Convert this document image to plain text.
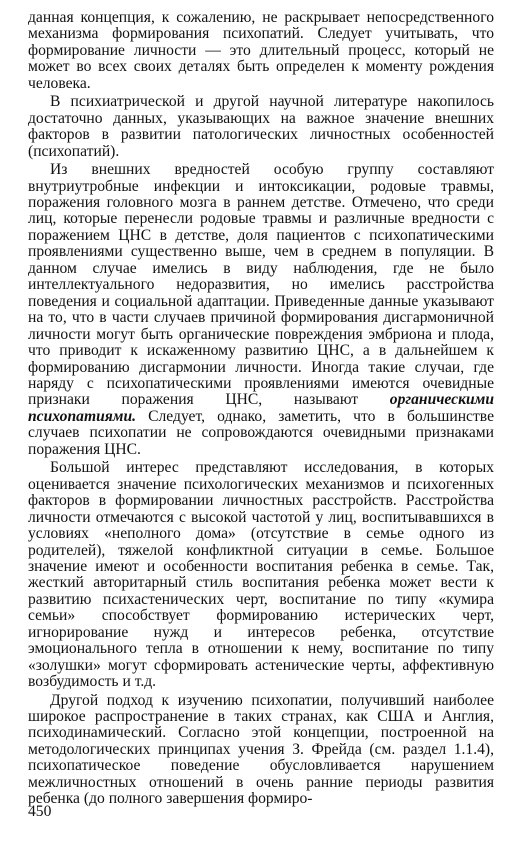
данная концепция, к сожалению, не раскрывает непосредственного механизма формирования психопатий. Следует учитывать, что формирование личности — это длительный процесс, который не может во всех своих деталях быть определен к моменту рождения человека.

В психиатрической и другой научной литературе накопилось достаточно данных, указывающих на важное значение внешних факторов в развитии патологических личностных особенностей (психопатий).

Из внешних вредностей особую группу составляют внутриутробные инфекции и интоксикации, родовые травмы, поражения головного мозга в раннем детстве. Отмечено, что среди лиц, которые перенесли родовые травмы и различные вредности с поражением ЦНС в детстве, доля пациентов с психопатическими проявлениями существенно выше, чем в среднем в популяции. В данном случае имелись в виду наблюдения, где не было интеллектуального недоразвития, но имелись расстройства поведения и социальной адаптации. Приведенные данные указывают на то, что в части случаев причиной формирования дисгармоничной личности могут быть органические повреждения эмбриона и плода, что приводит к искаженному развитию ЦНС, а в дальнейшем к формированию дисгармонии личности. Иногда такие случаи, где наряду с психопатическими проявлениями имеются очевидные признаки поражения ЦНС, называют органическими психопатиями. Следует, однако, заметить, что в большинстве случаев психопатии не сопровождаются очевидными признаками поражения ЦНС.

Большой интерес представляют исследования, в которых оценивается значение психологических механизмов и психогенных факторов в формировании личностных расстройств. Расстройства личности отмечаются с высокой частотой у лиц, воспитывавшихся в условиях «неполного дома» (отсутствие в семье одного из родителей), тяжелой конфликтной ситуации в семье. Большое значение имеют и особенности воспитания ребенка в семье. Так, жесткий авторитарный стиль воспитания ребенка может вести к развитию психастенических черт, воспитание по типу «кумира семьи» способствует формированию истерических черт, игнорирование нужд и интересов ребенка, отсутствие эмоционального тепла в отношении к нему, воспитание по типу «золушки» могут сформировать астенические черты, аффективную возбудимость и т.д.

Другой подход к изучению психопатии, получивший наиболее широкое распространение в таких странах, как США и Англия, психодинамический. Согласно этой концепции, построенной на методологических принципах учения З. Фрейда (см. раздел 1.1.4), психопатическое поведение обусловливается нарушением межличностных отношений в очень ранние периоды развития ребенка (до полного завершения формиро-

450
